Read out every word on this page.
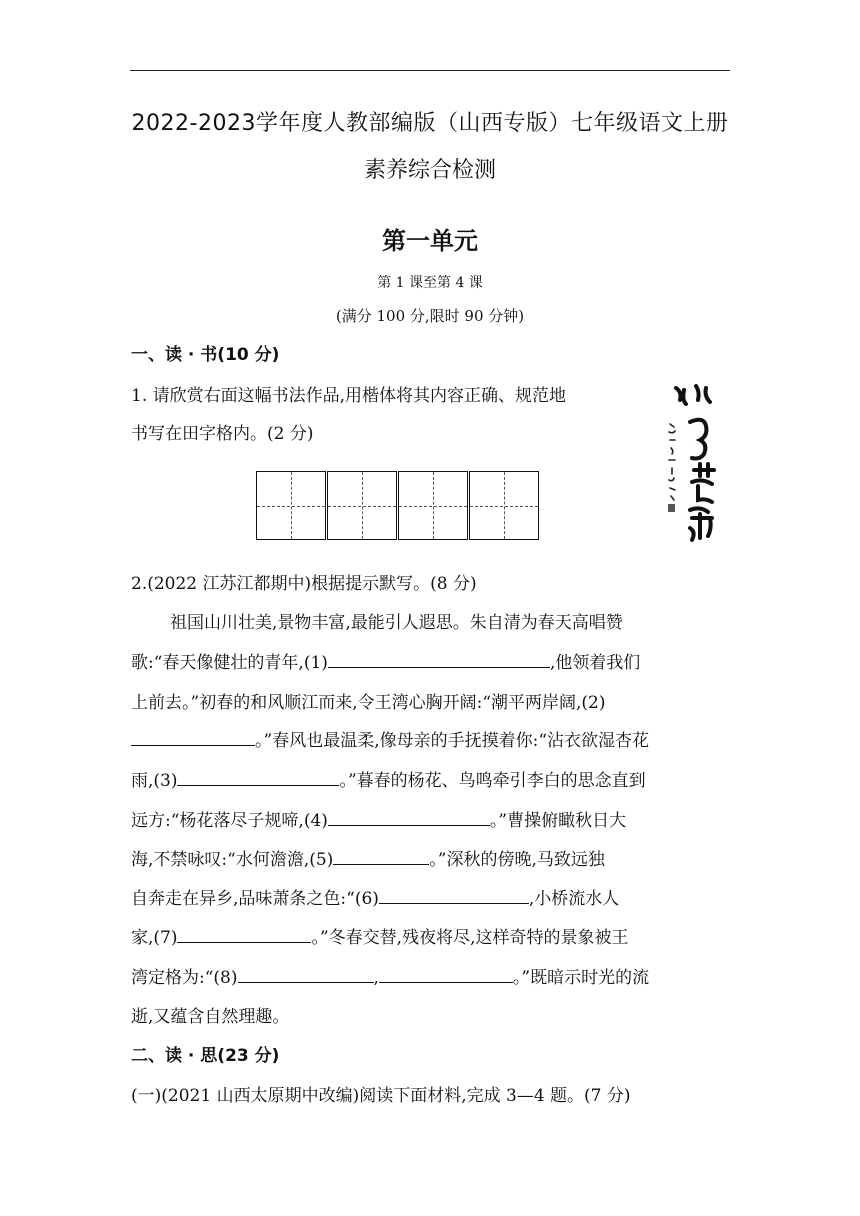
2022-2023学年度人教部编版（山西专版）七年级语文上册
素养综合检测
第一单元
第 1 课至第 4 课
(满分 100 分,限时 90 分钟)
一、读 · 书(10 分)
1. 请欣赏右面这幅书法作品,用楷体将其内容正确、规范地
书写在田字格内。(2 分)
2.(2022 江苏江都期中)根据提示默写。(8 分)
祖国山川壮美,景物丰富,最能引人遐思。朱自清为春天高唱赞
歌:“春天像健壮的青年,(1)	,他领着我们
上前去。”初春的和风顺江而来,令王湾心胸开阔:“潮平两岸阔,(2)
。”春风也最温柔,像母亲的手抚摸着你:“沾衣欲湿杏花
雨,(3)	。”暮春的杨花、鸟鸣牵引李白的思念直到
远方:“杨花落尽子规啼,(4)	。”曹操俯瞰秋日大
海,不禁咏叹:“水何澹澹,(5)	。”深秋的傍晚,马致远独
自奔走在异乡,品味萧条之色:“(6)	,小桥流水人
家,(7)	。”冬春交替,残夜将尽,这样奇特的景象被王
湾定格为:“(8)	,	。”既暗示时光的流
逝,又蕴含自然理趣。
二、读 · 思(23 分)
(一)(2021 山西太原期中改编)阅读下面材料,完成 3—4 题。(7 分)
